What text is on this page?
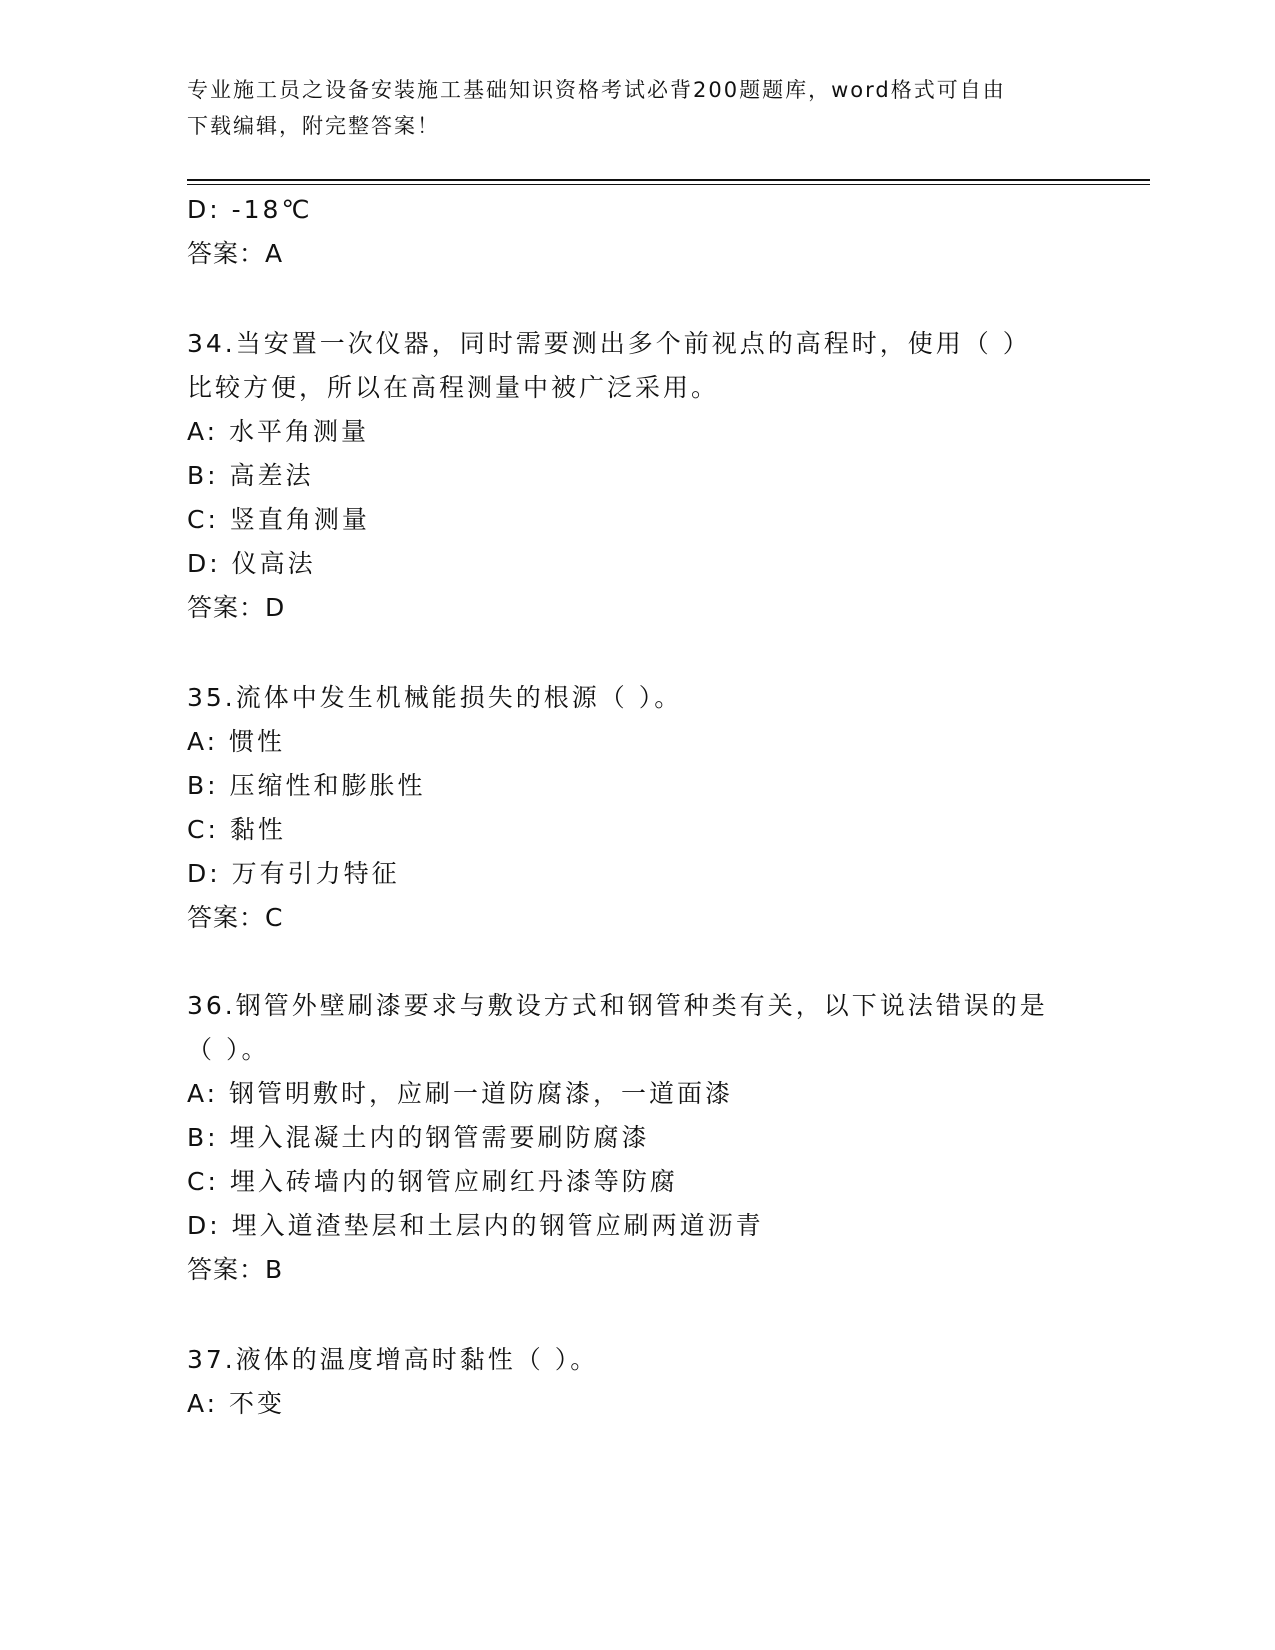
专业施工员之设备安装施工基础知识资格考试必背200题题库，word格式可自由
下载编辑，附完整答案！
D: -18℃
答案：A
34.当安置一次仪器，同时需要测出多个前视点的高程时，使用（ ）
比较方便，所以在高程测量中被广泛采用。
A: 水平角测量
B: 高差法
C: 竖直角测量
D: 仪高法
答案：D
35.流体中发生机械能损失的根源（ ）。
A: 惯性
B: 压缩性和膨胀性
C: 黏性
D: 万有引力特征
答案：C
36.钢管外壁刷漆要求与敷设方式和钢管种类有关，以下说法错误的是
（ ）。
A: 钢管明敷时，应刷一道防腐漆，一道面漆
B: 埋入混凝土内的钢管需要刷防腐漆
C: 埋入砖墙内的钢管应刷红丹漆等防腐
D: 埋入道渣垫层和土层内的钢管应刷两道沥青
答案：B
37.液体的温度增高时黏性（ ）。
A: 不变
